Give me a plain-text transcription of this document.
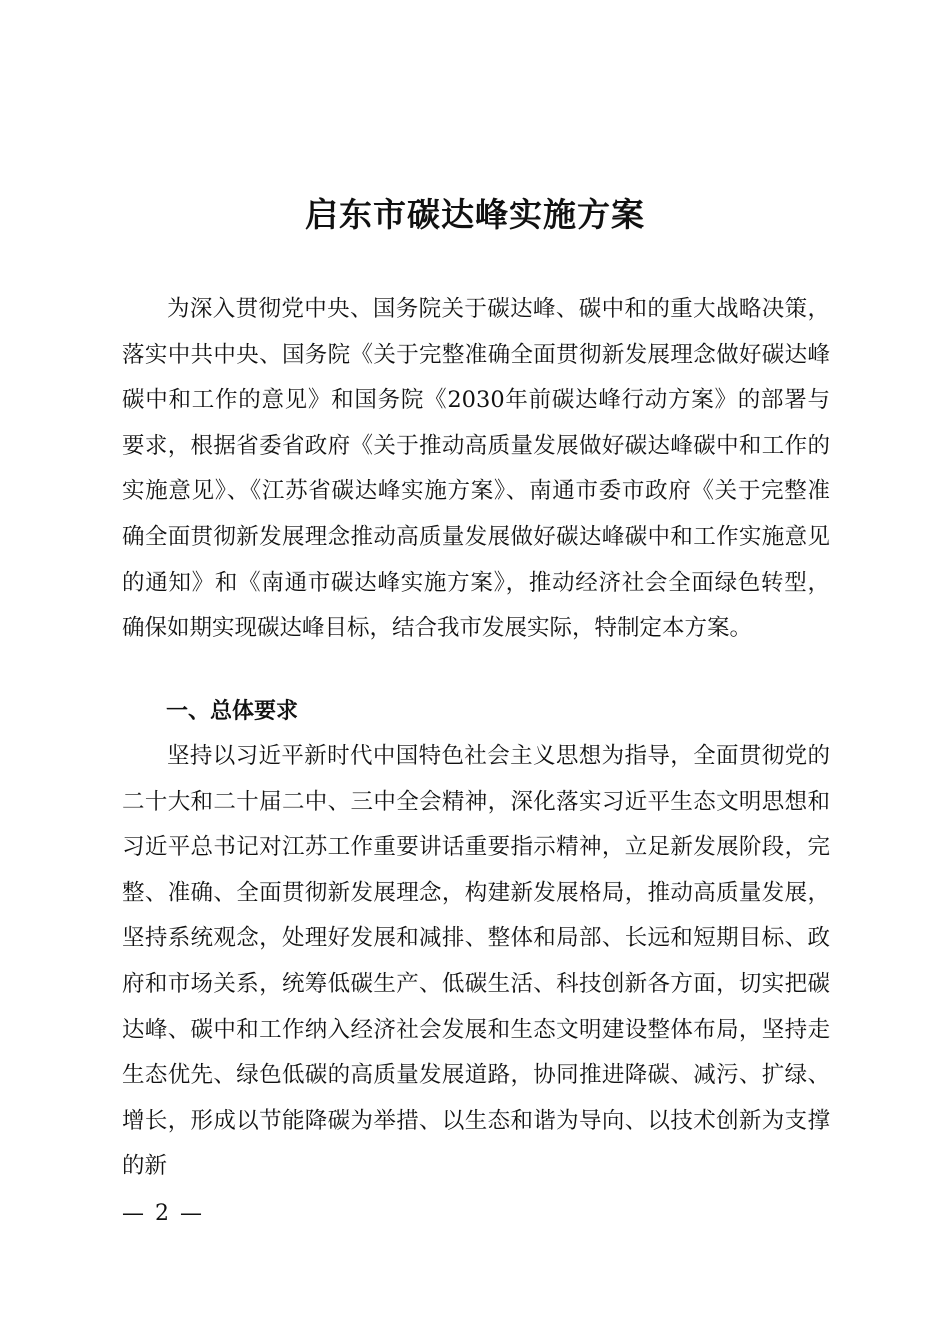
启东市碳达峰实施方案

为深入贯彻党中央、国务院关于碳达峰、碳中和的重大战略决策，落实中共中央、国务院《关于完整准确全面贯彻新发展理念做好碳达峰碳中和工作的意见》和国务院《2030年前碳达峰行动方案》的部署与要求，根据省委省政府《关于推动高质量发展做好碳达峰碳中和工作的实施意见》、《江苏省碳达峰实施方案》、南通市委市政府《关于完整准确全面贯彻新发展理念推动高质量发展做好碳达峰碳中和工作实施意见的通知》和《南通市碳达峰实施方案》，推动经济社会全面绿色转型，确保如期实现碳达峰目标，结合我市发展实际，特制定本方案。

一、总体要求

坚持以习近平新时代中国特色社会主义思想为指导，全面贯彻党的二十大和二十届二中、三中全会精神，深化落实习近平生态文明思想和习近平总书记对江苏工作重要讲话重要指示精神，立足新发展阶段，完整、准确、全面贯彻新发展理念，构建新发展格局，推动高质量发展，坚持系统观念，处理好发展和减排、整体和局部、长远和短期目标、政府和市场关系，统筹低碳生产、低碳生活、科技创新各方面，切实把碳达峰、碳中和工作纳入经济社会发展和生态文明建设整体布局，坚持走生态优先、绿色低碳的高质量发展道路，协同推进降碳、减污、扩绿、增长，形成以节能降碳为举措、以生态和谐为导向、以技术创新为支撑的新

— 2 —
